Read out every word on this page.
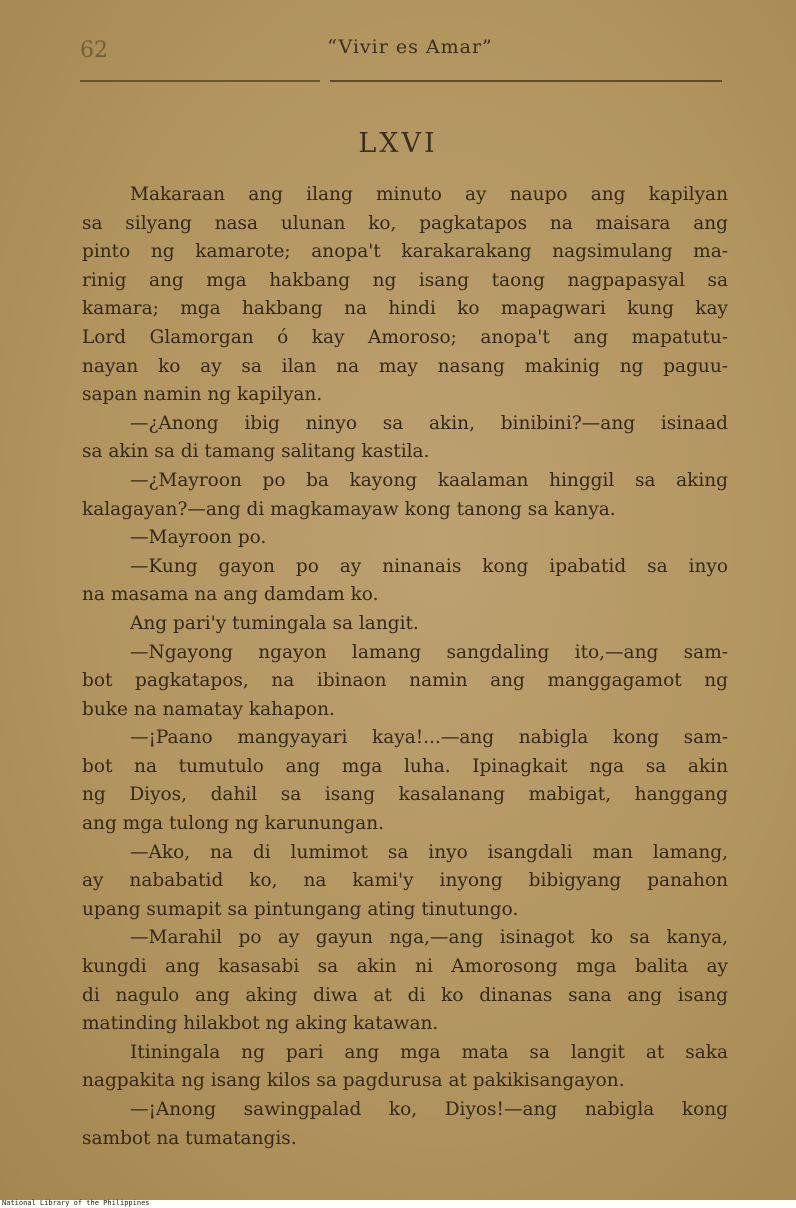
62	“Vivir es Amar”
LXVI
Makaraan ang ilang minuto ay naupo ang kapilyan
sa silyang nasa ulunan ko, pagkatapos na maisara ang
pinto ng kamarote; anopa't karakarakang nagsimulang ma-
rinig ang mga hakbang ng isang taong nagpapasyal sa
kamara; mga hakbang na hindi ko mapagwari kung kay
Lord Glamorgan ó kay Amoroso; anopa't ang mapatutu-
nayan ko ay sa ilan na may nasang makinig ng paguu-
sapan namin ng kapilyan.
—¿Anong ibig ninyo sa akin, binibini?—ang isinaad
sa akin sa di tamang salitang kastila.
—¿Mayroon po ba kayong kaalaman hinggil sa aking
kalagayan?—ang di magkamayaw kong tanong sa kanya.
—Mayroon po.
—Kung gayon po ay ninanais kong ipabatid sa inyo
na masama na ang damdam ko.
Ang pari'y tumingala sa langit.
—Ngayong ngayon lamang sangdaling ito,—ang sam-
bot pagkatapos, na ibinaon namin ang manggagamot ng
buke na namatay kahapon.
—¡Paano mangyayari kaya!...—ang nabigla kong sam-
bot na tumutulo ang mga luha. Ipinagkait nga sa akin
ng Diyos, dahil sa isang kasalanang mabigat, hanggang
ang mga tulong ng karunungan.
—Ako, na di lumimot sa inyo isangdali man lamang,
ay nababatid ko, na kami'y inyong bibigyang panahon
upang sumapit sa pintungang ating tinutungo.
—Marahil po ay gayun nga,—ang isinagot ko sa kanya,
kungdi ang kasasabi sa akin ni Amorosong mga balita ay
di nagulo ang aking diwa at di ko dinanas sana ang isang
matinding hilakbot ng aking katawan.
Itiningala ng pari ang mga mata sa langit at saka
nagpakita ng isang kilos sa pagdurusa at pakikisangayon.
—¡Anong sawingpalad ko, Diyos!—ang nabigla kong
sambot na tumatangis.
National Library of the Philippines
